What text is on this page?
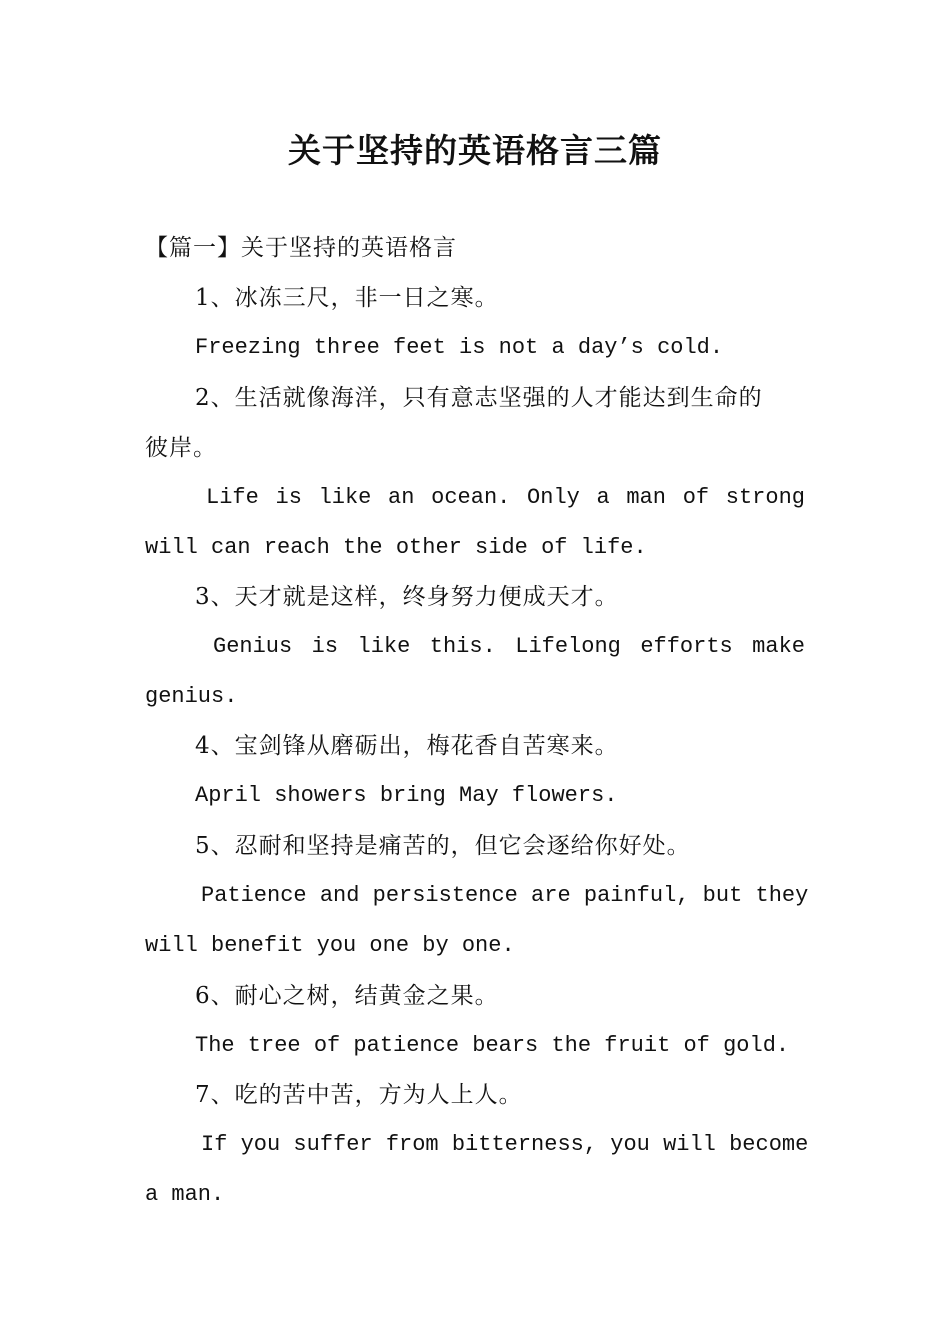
关于坚持的英语格言三篇
【篇一】关于坚持的英语格言
1、冰冻三尺，非一日之寒。
Freezing three feet is not a day’s cold.
2、生活就像海洋，只有意志坚强的人才能达到生命的
彼岸。
Life is like an ocean. Only a man of strong
will can reach the other side of life.
3、天才就是这样，终身努力便成天才。
Genius is like this. Lifelong efforts make
genius.
4、宝剑锋从磨砺出，梅花香自苦寒来。
April showers bring May flowers.
5、忍耐和坚持是痛苦的，但它会逐给你好处。
Patience and persistence are painful, but they
will benefit you one by one.
6、耐心之树，结黄金之果。
The tree of patience bears the fruit of gold.
7、吃的苦中苦，方为人上人。
If you suffer from bitterness, you will become
a man.
